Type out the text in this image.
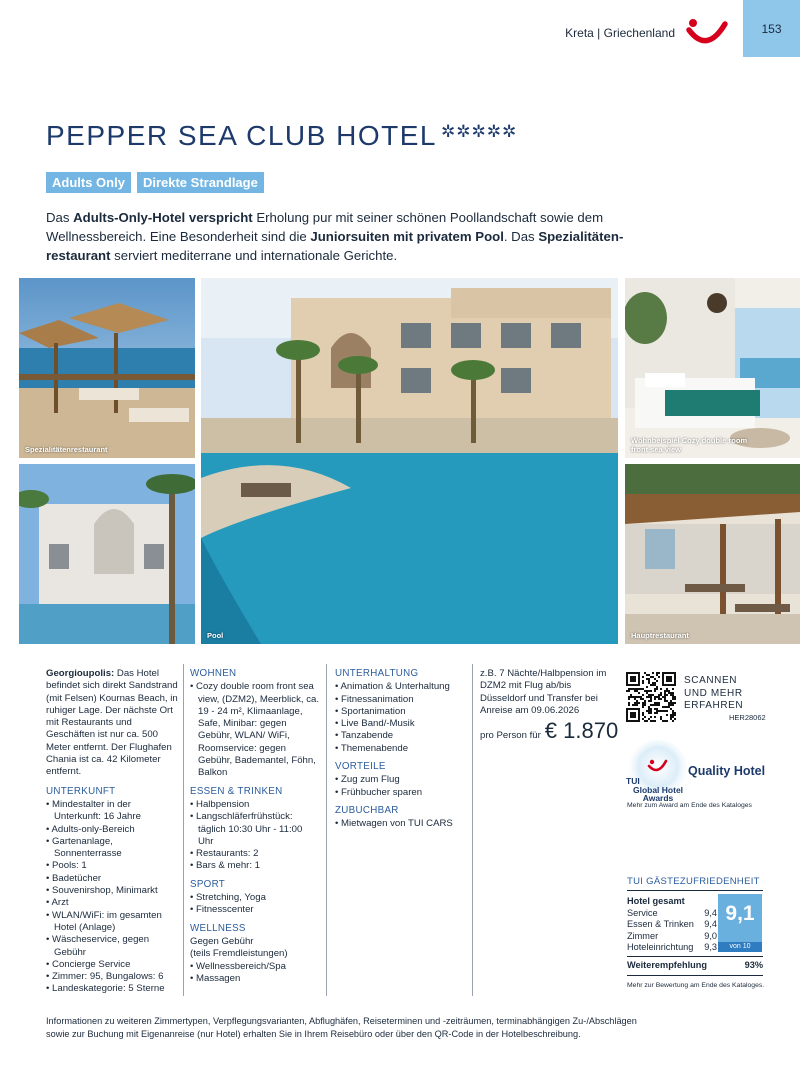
Kreta | Griechenland	153
PEPPER SEA CLUB HOTEL ✲✲✲✲✲
Adults Only	Direkte Strandlage

Das Adults-Only-Hotel verspricht Erholung pur mit seiner schönen Poollandschaft sowie dem Wellnessbereich. Eine Besonderheit sind die Juniorsuiten mit privatem Pool. Das Spezialitätenrestaurant serviert mediterrane und internationale Gerichte.

Spezialitätenrestaurant
Pool
Wohnbeispiel Cozy double room
front sea view
Hauptrestaurant
Georgioupolis: Das Hotel befindet sich direkt Sandstrand (mit Felsen) Kournas Beach, in ruhiger Lage. Der nächste Ort mit Restaurants und Geschäften ist nur ca. 500 Meter entfernt. Der Flughafen Chania ist ca. 42 Kilometer entfernt.
UNTERKUNFT
• Mindestalter in der Unterkunft: 16 Jahre
• Adults-only-Bereich
• Gartenanlage, Sonnenterrasse
• Pools: 1
• Badetücher
• Souvenirshop, Minimarkt
• Arzt
• WLAN/WiFi: im gesamten Hotel (Anlage)
• Wäscheservice, gegen Gebühr
• Concierge Service
• Zimmer: 95, Bungalows: 6
• Landeskategorie: 5 Sterne
WOHNEN
• Cozy double room front sea view, (DZM2), Meerblick, ca. 19 - 24 m², Klimaanlage, Safe, Minibar: gegen Gebühr, WLAN/ WiFi, Roomservice: gegen Gebühr, Bademantel, Föhn, Balkon
ESSEN & TRINKEN
• Halbpension
• Langschläferfrühstück: täglich 10:30 Uhr - 11:00 Uhr
• Restaurants: 2
• Bars & mehr: 1
SPORT
• Stretching, Yoga
• Fitnesscenter
WELLNESS
Gegen Gebühr
(teils Fremdleistungen)
• Wellnessbereich/Spa
• Massagen
UNTERHALTUNG
• Animation & Unterhaltung
• Fitnessanimation
• Sportanimation
• Live Band/-Musik
• Tanzabende
• Themenabende
VORTEILE
• Zug zum Flug
• Frühbucher sparen
ZUBUCHBAR
• Mietwagen von TUI CARS
z.B. 7 Nächte/Halbpension im DZM2 mit Flug ab/bis Düsseldorf und Transfer bei Anreise am 09.06.2026
pro Person für € 1.870
SCANNEN
UND MEHR
ERFAHREN
HER28062
TUI
Global Hotel
Awards
Quality Hotel
Mehr zum Award am Ende des Kataloges
TUI GÄSTEZUFRIEDENHEIT
Hotel gesamt
Service	9,4
Essen & Trinken 9,4
Zimmer	9,0
Hoteleinrichtung 9,3
9,1
von 10
Weiterempfehlung	93%
Mehr zur Bewertung am Ende des Kataloges.
Informationen zu weiteren Zimmertypen, Verpflegungsvarianten, Abflughäfen, Reiseterminen und -zeiträumen, terminabhängigen Zu-/Abschlägen
sowie zur Buchung mit Eigenanreise (nur Hotel) erhalten Sie in Ihrem Reisebüro oder über den QR-Code in der Hotelbeschreibung.
